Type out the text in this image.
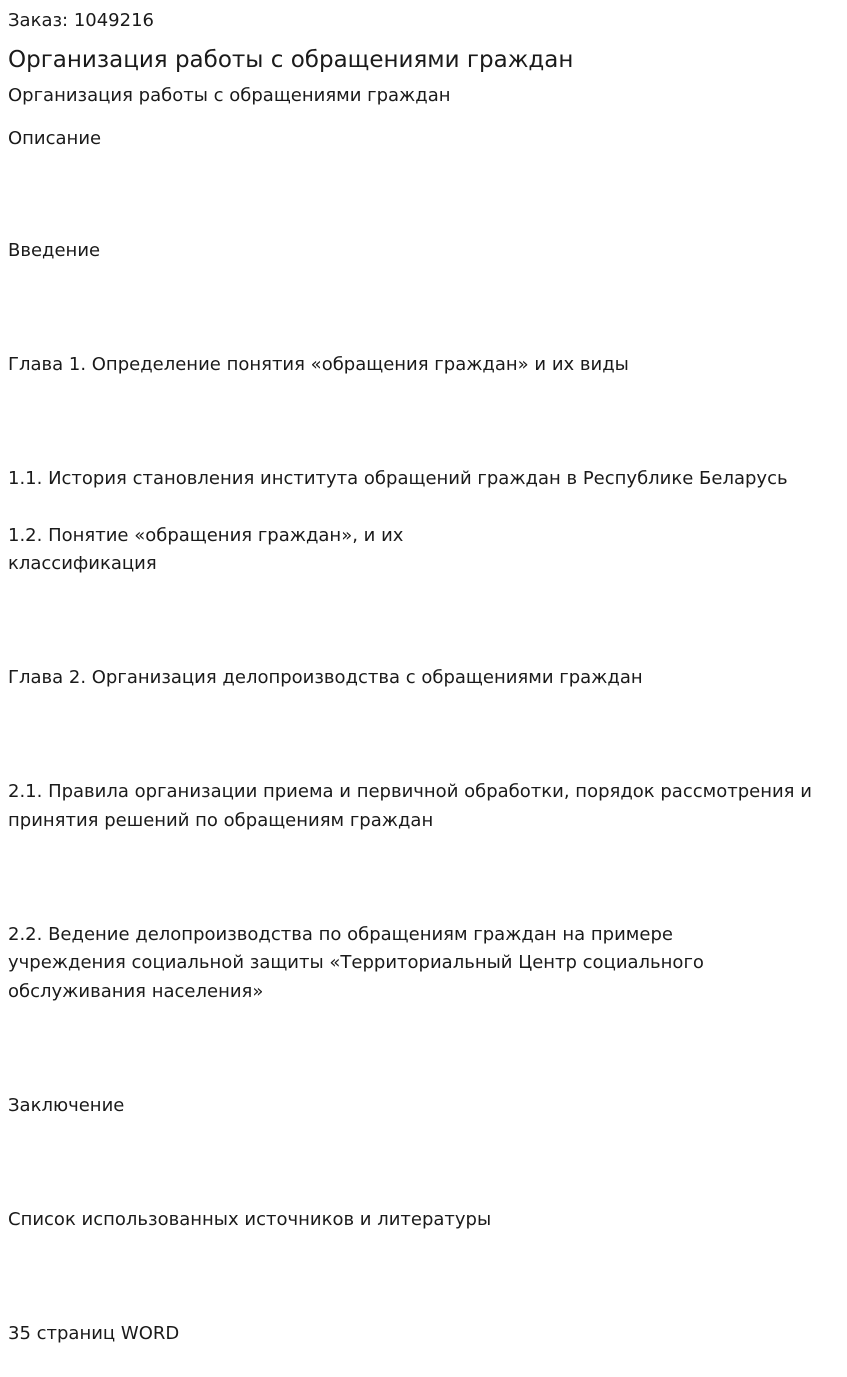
Заказ: 1049216

Организация работы с обращениями граждан

Организация работы с обращениями граждан

Описание

Введение

Глава 1. Определение понятия «обращения граждан» и их виды

1.1. История становления института обращений граждан в Республике Беларусь

1.2. Понятие «обращения граждан», и их классификация

Глава 2. Организация делопроизводства с обращениями граждан

2.1. Правила организации приема и первичной обработки, порядок рассмотрения и принятия решений по обращениям граждан

2.2. Ведение делопроизводства по обращениям граждан на примере учреждения социальной защиты «Территориальный Центр социального обслуживания населения»

Заключение

Список использованных источников и литературы

35 страниц WORD
